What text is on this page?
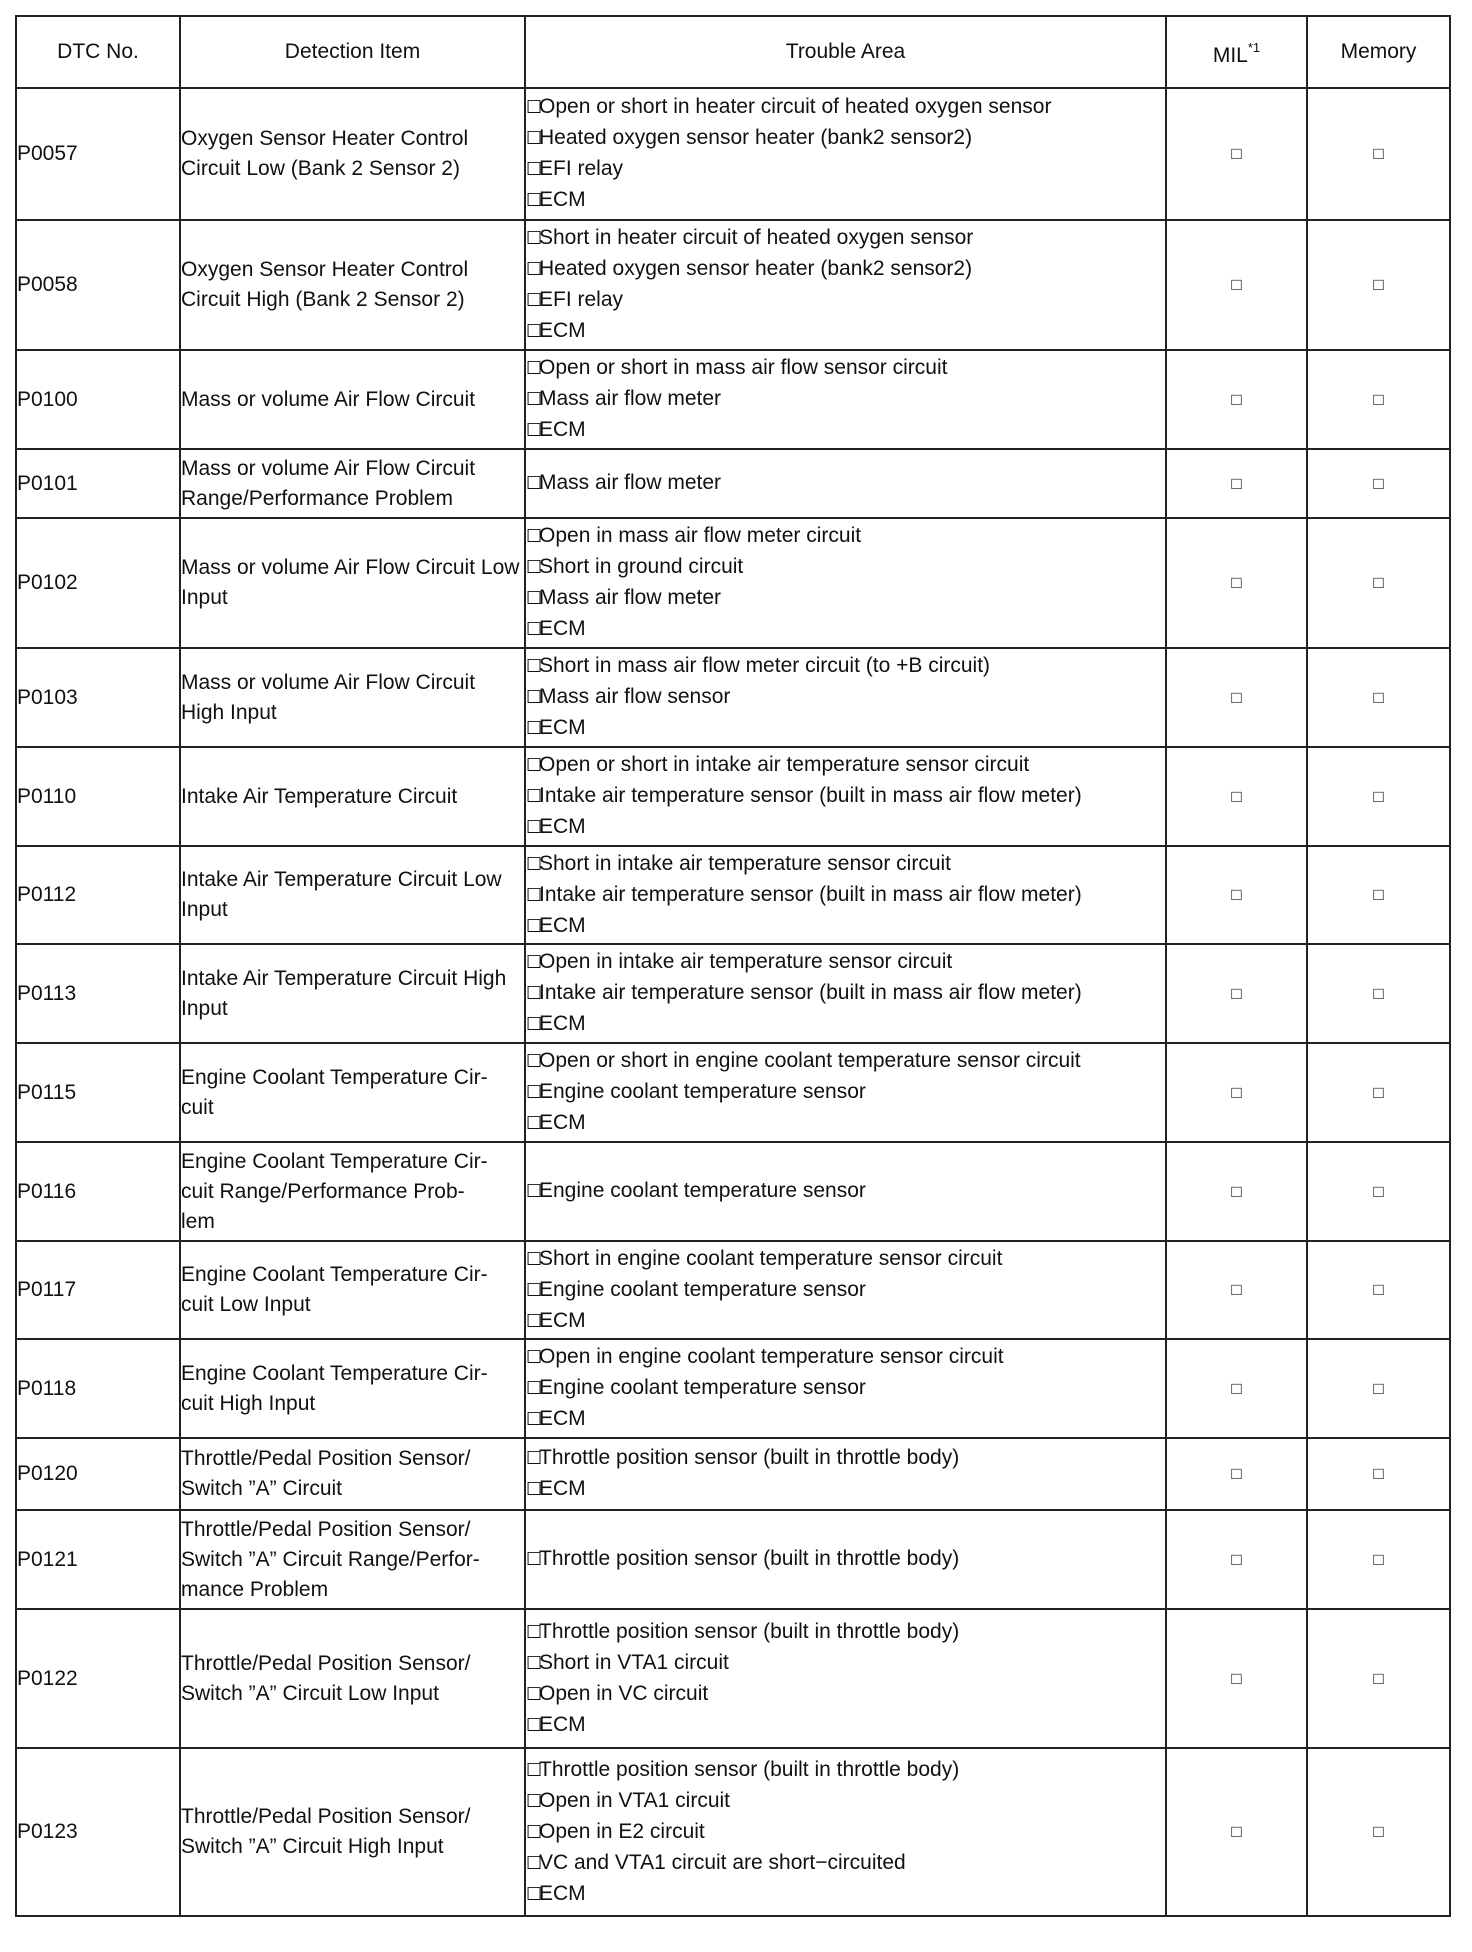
DTC No.	Detection Item	Trouble Area	MIL$^{*1}$	Memory
P0057	Oxygen Sensor Heater Control Circuit Low (Bank 2 Sensor 2)	☐Open or short in heater circuit of heated oxygen sensor
☐Heated oxygen sensor heater (bank2 sensor2)
☐EFI relay
☐ECM	□	□
P0058	Oxygen Sensor Heater Control Circuit High (Bank 2 Sensor 2)	☐Short in heater circuit of heated oxygen sensor
☐Heated oxygen sensor heater (bank2 sensor2)
☐EFI relay
☐ECM	□	□
P0100	Mass or volume Air Flow Circuit	☐Open or short in mass air flow sensor circuit
☐Mass air flow meter
☐ECM	□	□
P0101	Mass or volume Air Flow Circuit Range/Performance Problem	☐Mass air flow meter	□	□
P0102	Mass or volume Air Flow Circuit Low Input	☐Open in mass air flow meter circuit
☐Short in ground circuit
☐Mass air flow meter
☐ECM	□	□
P0103	Mass or volume Air Flow Circuit High Input	☐Short in mass air flow meter circuit (to +B circuit)
☐Mass air flow sensor
☐ECM	□	□
P0110	Intake Air Temperature Circuit	☐Open or short in intake air temperature sensor circuit
☐Intake air temperature sensor (built in mass air flow meter)
☐ECM	□	□
P0112	Intake Air Temperature Circuit Low Input	☐Short in intake air temperature sensor circuit
☐Intake air temperature sensor (built in mass air flow meter)
☐ECM	□	□
P0113	Intake Air Temperature Circuit High Input	☐Open in intake air temperature sensor circuit
☐Intake air temperature sensor (built in mass air flow meter)
☐ECM	□	□
P0115	Engine Coolant Temperature Cir-
cuit	☐Open or short in engine coolant temperature sensor circuit
☐Engine coolant temperature sensor
☐ECM	□	□
P0116	Engine Coolant Temperature Cir-
cuit Range/Performance Prob-
lem	☐Engine coolant temperature sensor	□	□
P0117	Engine Coolant Temperature Cir-
cuit Low Input	☐Short in engine coolant temperature sensor circuit
☐Engine coolant temperature sensor
☐ECM	□	□
P0118	Engine Coolant Temperature Cir-
cuit High Input	☐Open in engine coolant temperature sensor circuit
☐Engine coolant temperature sensor
☐ECM	□	□
P0120	Throttle/Pedal Position Sensor/
Switch ”A” Circuit	☐Throttle position sensor (built in throttle body)
☐ECM	□	□
P0121	Throttle/Pedal Position Sensor/
Switch ”A” Circuit Range/Perfor-
mance Problem	☐Throttle position sensor (built in throttle body)	□	□
P0122	Throttle/Pedal Position Sensor/
Switch ”A” Circuit Low Input	☐Throttle position sensor (built in throttle body)
☐Short in VTA1 circuit
☐Open in VC circuit
☐ECM	□	□
P0123	Throttle/Pedal Position Sensor/
Switch ”A” Circuit High Input	☐Throttle position sensor (built in throttle body)
☐Open in VTA1 circuit
☐Open in E2 circuit
☐VC and VTA1 circuit are short−circuited
☐ECM	□	□
